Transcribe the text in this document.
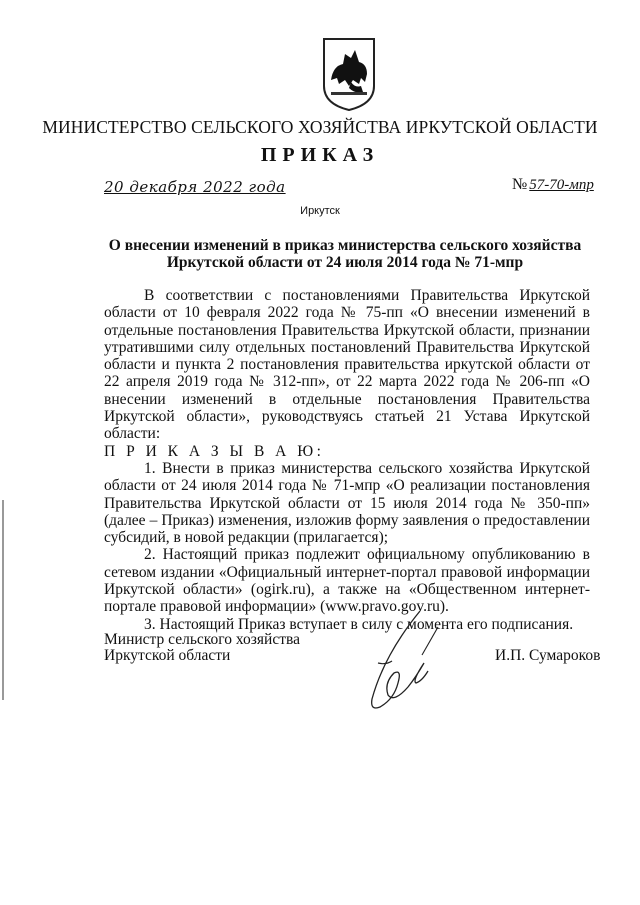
МИНИСТЕРСТВО СЕЛЬСКОГО ХОЗЯЙСТВА ИРКУТСКОЙ ОБЛАСТИ
ПРИКАЗ
20 декабря 2022 года	№ 57-70-мпр
Иркутск
О внесении изменений в приказ министерства сельского хозяйства
Иркутской области от 24 июля 2014 года № 71-мпр

В соответствии с постановлениями Правительства Иркутской области от 10 февраля 2022 года № 75-пп «О внесении изменений в отдельные постановления Правительства Иркутской области, признании утратившими силу отдельных постановлений Правительства Иркутской области и пункта 2 постановления правительства иркутской области от 22 апреля 2019 года № 312-пп», от 22 марта 2022 года № 206-пп «О внесении изменений в отдельные постановления Правительства Иркутской области», руководствуясь статьей 21 Устава Иркутской области:

П Р И К А З Ы В А Ю:

1. Внести в приказ министерства сельского хозяйства Иркутской области от 24 июля 2014 года № 71-мпр «О реализации постановления Правительства Иркутской области от 15 июля 2014 года № 350-пп» (далее – Приказ) изменения, изложив форму заявления о предоставлении субсидий, в новой редакции (прилагается);

2. Настоящий приказ подлежит официальному опубликованию в сетевом издании «Официальный интернет-портал правовой информации Иркутской области» (ogirk.ru), а также на «Общественном интернет-портале правовой информации» (www.pravo.gov.ru).

3. Настоящий Приказ вступает в силу с момента его подписания.

Министр сельского хозяйства
Иркутской области	И.П. Сумароков
